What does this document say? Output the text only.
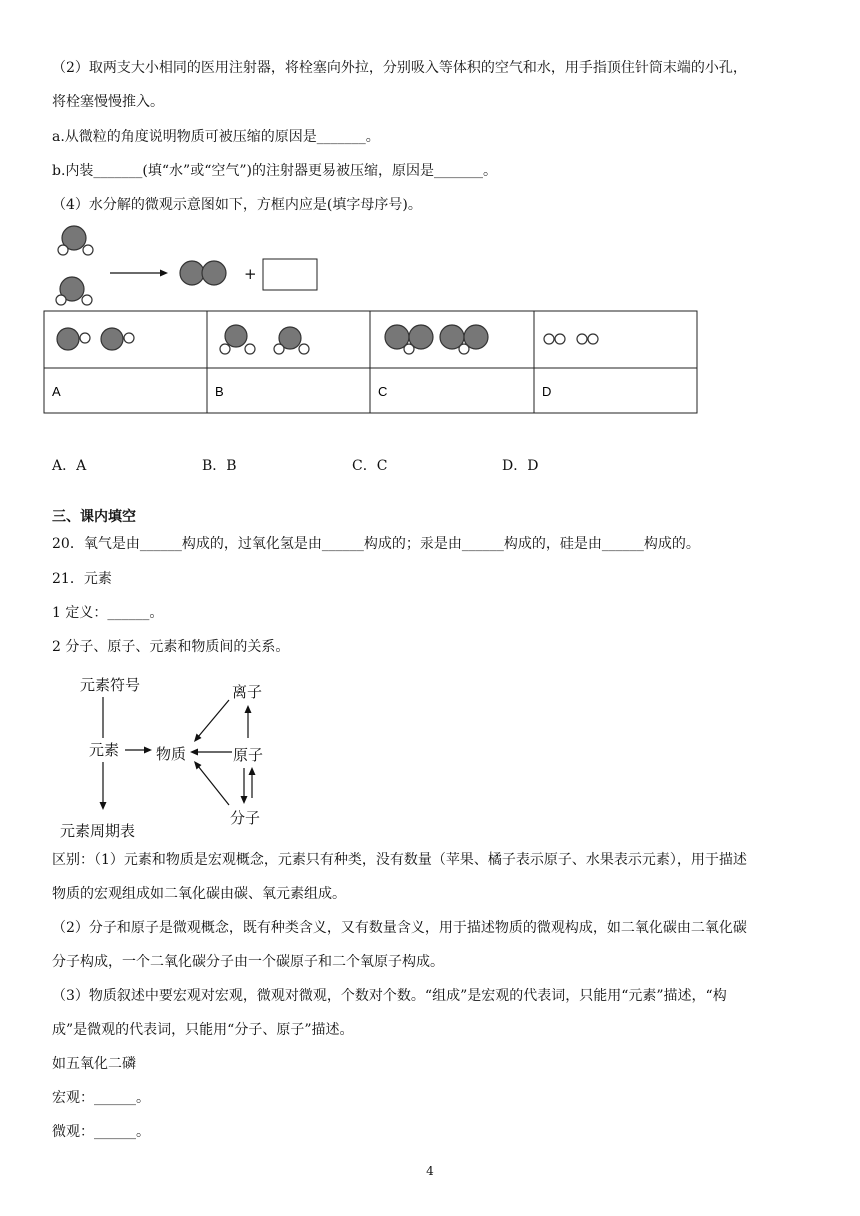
（2）取两支大小相同的医用注射器，将栓塞向外拉，分别吸入等体积的空气和水，用手指顶住针筒末端的小孔，
将栓塞慢慢推入。
a.从微粒的角度说明物质可被压缩的原因是_______。
b.内装_______(填“水”或“空气”)的注射器更易被压缩，原因是_______。
（4）水分解的微观示意图如下，方框内应是(填字母序号)。
+
A	B	C	D
元素符号
元素 物质
离子
原子
分子
元素周期表
A．A	B．B	C．C	D．D
三、课内填空
20．氧气是由______构成的，过氧化氢是由______构成的；汞是由______构成的，硅是由______构成的。
21．元素
1 定义：______。
2 分子、原子、元素和物质间的关系。
区别：（1）元素和物质是宏观概念，元素只有种类，没有数量（苹果、橘子表示原子、水果表示元素），用于描述
物质的宏观组成如二氧化碳由碳、氧元素组成。
（2）分子和原子是微观概念，既有种类含义，又有数量含义，用于描述物质的微观构成，如二氧化碳由二氧化碳
分子构成，一个二氧化碳分子由一个碳原子和二个氧原子构成。
（3）物质叙述中要宏观对宏观，微观对微观，个数对个数。“组成”是宏观的代表词，只能用“元素”描述，“构
成”是微观的代表词，只能用“分子、原子”描述。
如五氧化二磷
宏观：______。
微观：______。
4
